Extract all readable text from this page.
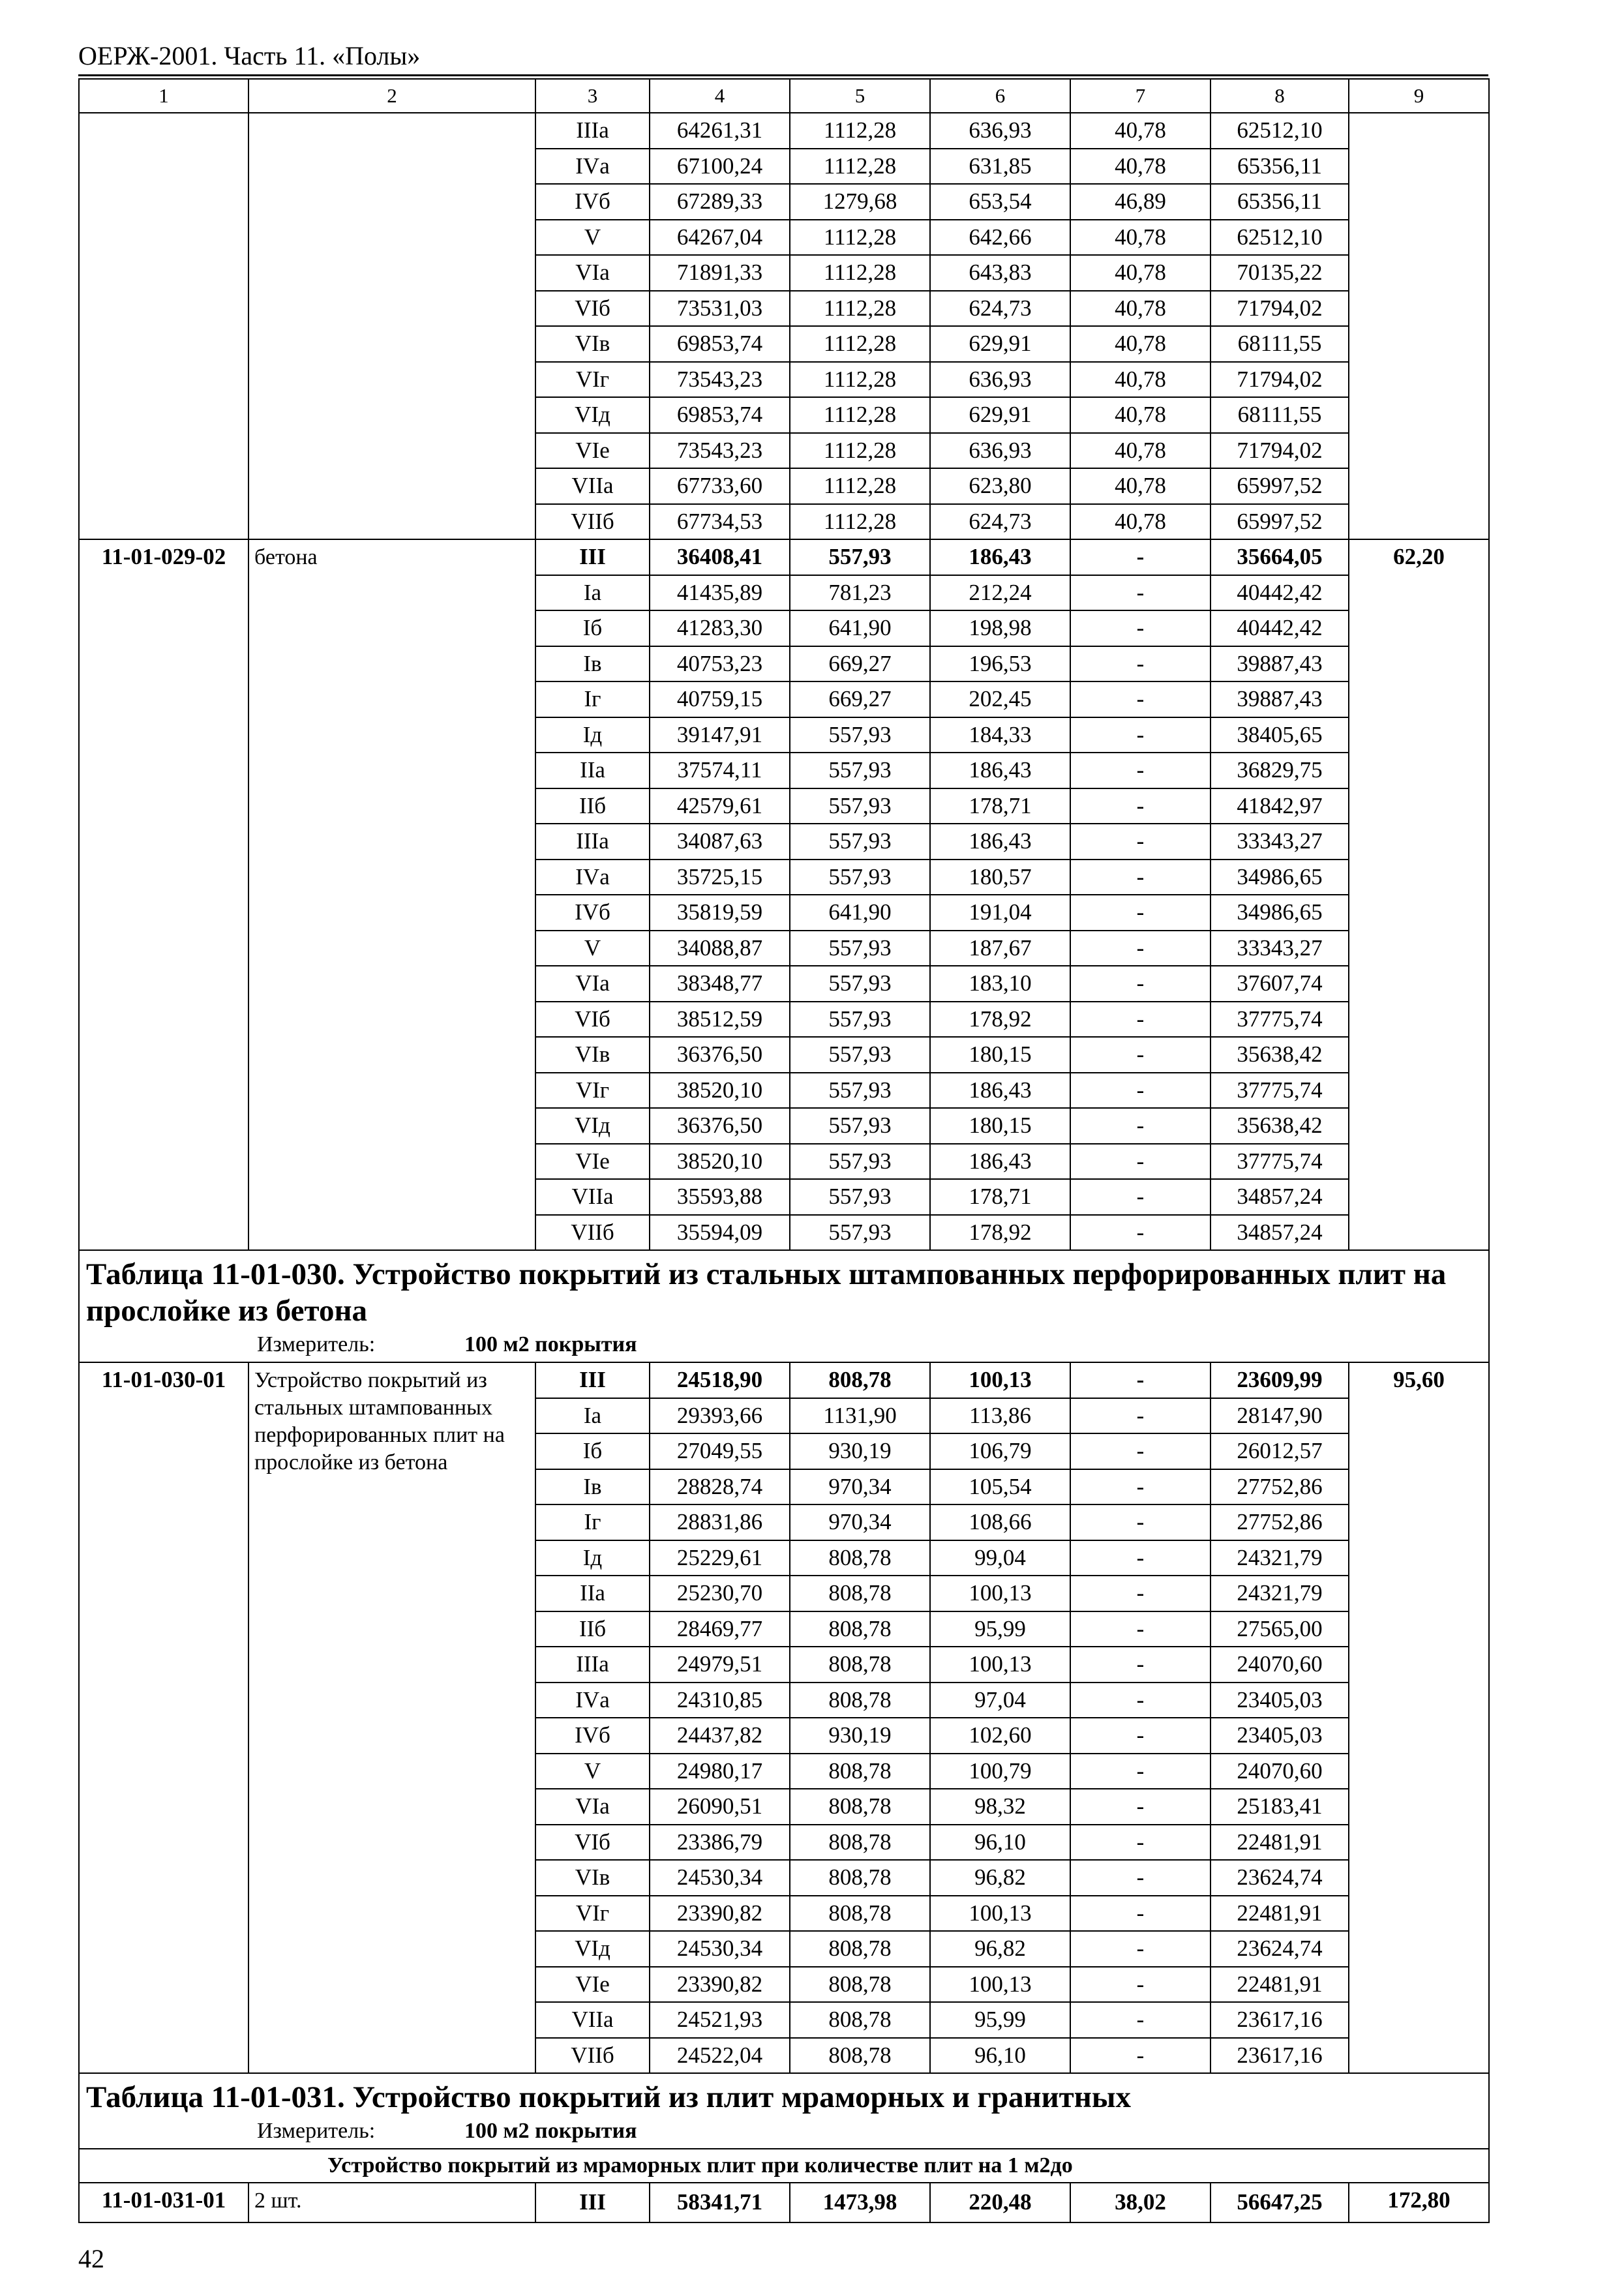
ОЕРЖ-2001. Часть 11. «Полы»
1	2	3	4	5	6	7	8	9
		IIIа	64261,31	1112,28	636,93	40,78	62512,10	
		IVа	67100,24	1112,28	631,85	40,78	65356,11	
		IVб	67289,33	1279,68	653,54	46,89	65356,11	
		V	64267,04	1112,28	642,66	40,78	62512,10	
		VIа	71891,33	1112,28	643,83	40,78	70135,22	
		VIб	73531,03	1112,28	624,73	40,78	71794,02	
		VIв	69853,74	1112,28	629,91	40,78	68111,55	
		VIг	73543,23	1112,28	636,93	40,78	71794,02	
		VIд	69853,74	1112,28	629,91	40,78	68111,55	
		VIе	73543,23	1112,28	636,93	40,78	71794,02	
		VIIа	67733,60	1112,28	623,80	40,78	65997,52	
		VIIб	67734,53	1112,28	624,73	40,78	65997,52	
11-01-029-02	бетона	III	36408,41	557,93	186,43	-	35664,05	62,20
		Iа	41435,89	781,23	212,24	-	40442,42	
		Iб	41283,30	641,90	198,98	-	40442,42	
		Iв	40753,23	669,27	196,53	-	39887,43	
		Iг	40759,15	669,27	202,45	-	39887,43	
		Iд	39147,91	557,93	184,33	-	38405,65	
		IIа	37574,11	557,93	186,43	-	36829,75	
		IIб	42579,61	557,93	178,71	-	41842,97	
		IIIа	34087,63	557,93	186,43	-	33343,27	
		IVа	35725,15	557,93	180,57	-	34986,65	
		IVб	35819,59	641,90	191,04	-	34986,65	
		V	34088,87	557,93	187,67	-	33343,27	
		VIа	38348,77	557,93	183,10	-	37607,74	
		VIб	38512,59	557,93	178,92	-	37775,74	
		VIв	36376,50	557,93	180,15	-	35638,42	
		VIг	38520,10	557,93	186,43	-	37775,74	
		VIд	36376,50	557,93	180,15	-	35638,42	
		VIе	38520,10	557,93	186,43	-	37775,74	
		VIIа	35593,88	557,93	178,71	-	34857,24	
		VIIб	35594,09	557,93	178,92	-	34857,24	
Таблица 11-01-030. Устройство покрытий из стальных штампованных перфорированных плит на прослойке из бетона
Измеритель: 100 м2 покрытия								

11-01-030-01	Устройство покрытий из стальных штампованных перфорированных плит на прослойке из бетона	III	24518,90	808,78	100,13	-	23609,99	95,60
		Iа	29393,66	1131,90	113,86	-	28147,90	
		Iб	27049,55	930,19	106,79	-	26012,57	
		Iв	28828,74	970,34	105,54	-	27752,86	
		Iг	28831,86	970,34	108,66	-	27752,86	
		Iд	25229,61	808,78	99,04	-	24321,79	
		IIа	25230,70	808,78	100,13	-	24321,79	
		IIб	28469,77	808,78	95,99	-	27565,00	
		IIIа	24979,51	808,78	100,13	-	24070,60	
		IVа	24310,85	808,78	97,04	-	23405,03	
		IVб	24437,82	930,19	102,60	-	23405,03	
		V	24980,17	808,78	100,79	-	24070,60	
		VIа	26090,51	808,78	98,32	-	25183,41	
		VIб	23386,79	808,78	96,10	-	22481,91	
		VIв	24530,34	808,78	96,82	-	23624,74	
		VIг	23390,82	808,78	100,13	-	22481,91	
		VIд	24530,34	808,78	96,82	-	23624,74	
		VIе	23390,82	808,78	100,13	-	22481,91	
		VIIа	24521,93	808,78	95,99	-	23617,16	
		VIIб	24522,04	808,78	96,10	-	23617,16	
Таблица 11-01-031. Устройство покрытий из плит мраморных и гранитных
Измеритель: 100 м2 покрытия								

Устройство покрытий из мраморных плит при количестве плит на 1 м2до								
11-01-031-01	2 шт.	III	58341,71	1473,98	220,48	38,02	56647,25	172,80
42
